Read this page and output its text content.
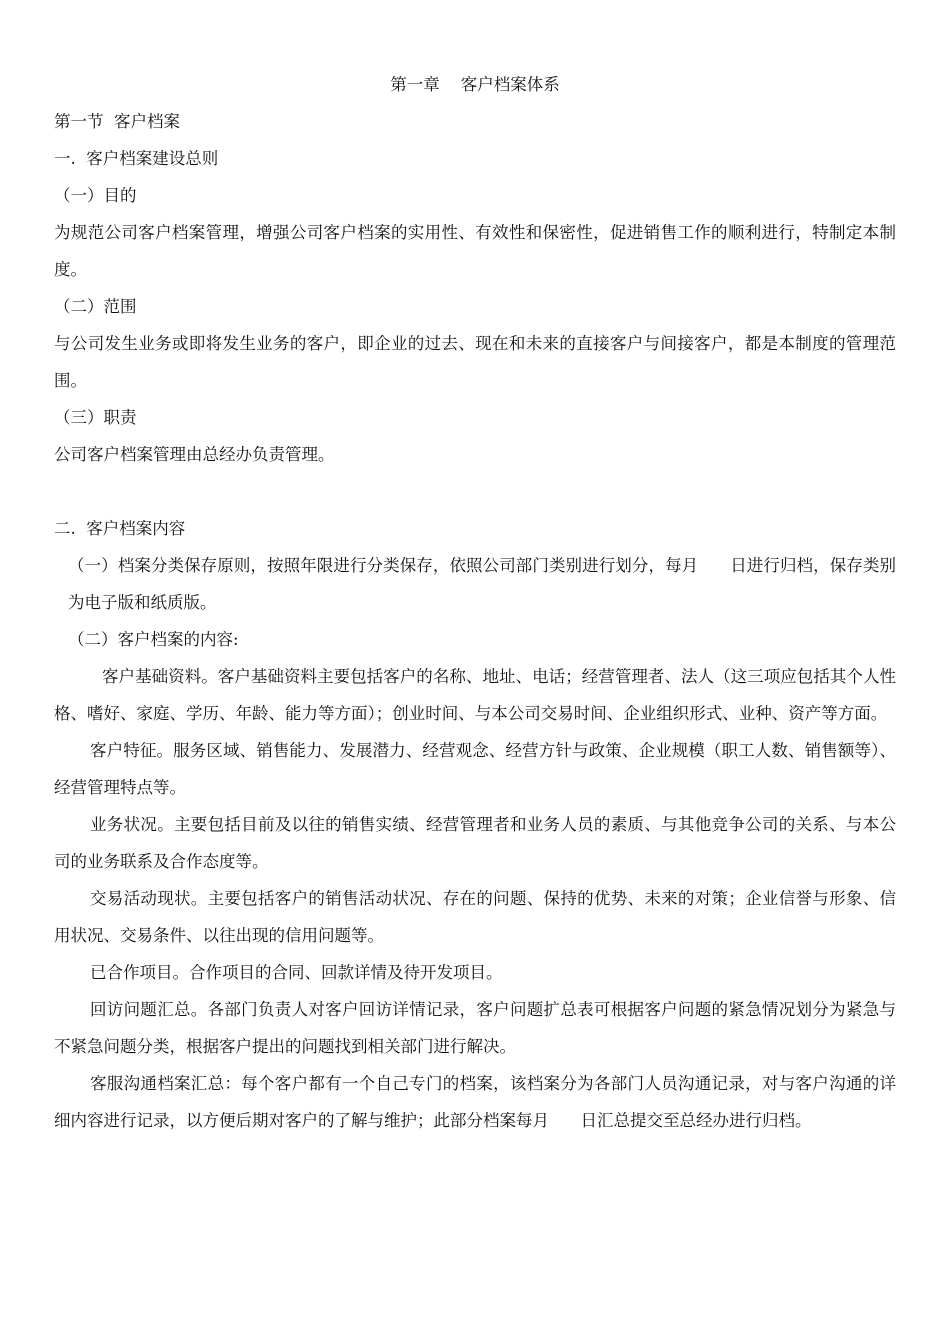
第一章    客户档案体系
第一节  客户档案
一.  客户档案建设总则
（一）目的

为规范公司客户档案管理，增强公司客户档案的实用性、有效性和保密性，促进销售工作的顺利进行，特制定本制度。

（二）范围

与公司发生业务或即将发生业务的客户，即企业的过去、现在和未来的直接客户与间接客户，都是本制度的管理范围。

（三）职责

公司客户档案管理由总经办负责管理。

二.  客户档案内容

（一）档案分类保存原则，按照年限进行分类保存，依照公司部门类别进行划分，每月      日进行归档，保存类别为电子版和纸质版。

（二）客户档案的内容:

客户基础资料。客户基础资料主要包括客户的名称、地址、电话；经营管理者、法人（这三项应包括其个人性格、嗜好、家庭、学历、年龄、能力等方面）；创业时间、与本公司交易时间、企业组织形式、业种、资产等方面。

客户特征。服务区域、销售能力、发展潜力、经营观念、经营方针与政策、企业规模（职工人数、销售额等）、经营管理特点等。

业务状况。主要包括目前及以往的销售实绩、经营管理者和业务人员的素质、与其他竞争公司的关系、与本公司的业务联系及合作态度等。

交易活动现状。主要包括客户的销售活动状况、存在的问题、保持的优势、未来的对策；企业信誉与形象、信用状况、交易条件、以往出现的信用问题等。

已合作项目。合作项目的合同、回款详情及待开发项目。

回访问题汇总。各部门负责人对客户回访详情记录，客户问题扩总表可根据客户问题的紧急情况划分为紧急与不紧急问题分类，根据客户提出的问题找到相关部门进行解决。

客服沟通档案汇总：每个客户都有一个自己专门的档案，该档案分为各部门人员沟通记录，对与客户沟通的详细内容进行记录，以方便后期对客户的了解与维护；此部分档案每月      日汇总提交至总经办进行归档。
